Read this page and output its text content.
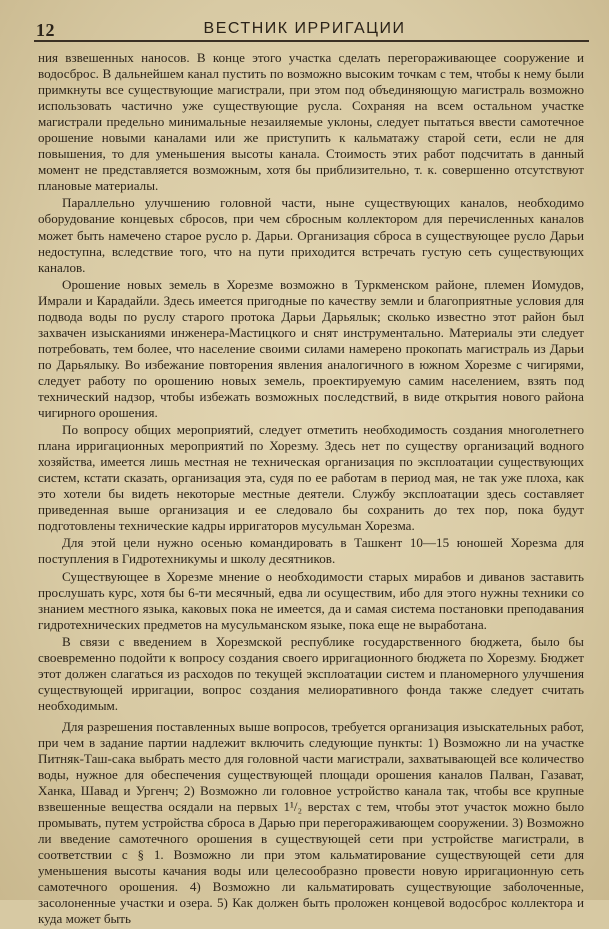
12	ВЕСТНИК ИРРИГАЦИИ

ния взвешенных наносов. В конце этого участка сделать перегораживающее сооружение и водосброс. В дальнейшем канал пустить по возможно высоким точкам с тем, чтобы к нему были примкнуты все существующие магистрали, при этом под объединяющую магистраль возможно использовать частично уже существующие русла. Сохраняя на всем остальном участке магистрали предельно минимальные незаиляемые уклоны, следует пытаться ввести самотечное орошение новыми каналами или же приступить к кальматажу старой сети, если не для повышения, то для уменьшения высоты канала. Стоимость этих работ подсчитать в данный момент не представляется возможным, хотя бы приблизительно, т. к. совершенно отсутствуют плановые материалы.

Параллельно улучшению головной части, ныне существующих каналов, необходимо оборудование концевых сбросов, при чем сбросным коллектором для перечисленных каналов может быть намечено старое русло р. Дарьи. Организация сброса в существующее русло Дарьи недоступна, вследствие того, что на пути приходится встречать густую сеть существующих каналов.

Орошение новых земель в Хорезме возможно в Туркменском районе, племен Иомудов, Имрали и Карадайли. Здесь имеется пригодные по качеству земли и благоприятные условия для подвода воды по руслу старого протока Дарьи Дарьялык; сколько известно этот район был захвачен изысканиями инженера-Мастицкого и снят инструментально. Материалы эти следует потребовать, тем более, что население своими силами намерено прокопать магистраль из Дарьи по Дарьялыку. Во избежание повторения явления аналогичного в южном Хорезме с чигирями, следует работу по орошению новых земель, проектируемую самим населением, взять под технический надзор, чтобы избежать возможных последствий, в виде открытия нового района чигирного орошения.

По вопросу общих мероприятий, следует отметить необходимость создания многолетнего плана ирригационных мероприятий по Хорезму. Здесь нет по существу организаций водного хозяйства, имеется лишь местная не техническая организация по эксплоатации существующих систем, кстати сказать, организация эта, судя по ее работам в период мая, не так уже плоха, как это хотели бы видеть некоторые местные деятели. Службу эксплоатации здесь составляет приведенная выше организация и ее следовало бы сохранить до тех пор, пока будут подготовлены технические кадры ирригаторов мусульман Хорезма.

Для этой цели нужно осенью командировать в Ташкент 10—15 юношей Хорезма для поступления в Гидротехникумы и школу десятников.

Существующее в Хорезме мнение о необходимости старых мирабов и диванов заставить прослушать курс, хотя бы 6-ти месячный, едва ли осуществим, ибо для этого нужны техники со знанием местного языка, каковых пока не имеется, да и самая система постановки преподавания гидротехнических предметов на мусульманском языке, пока еще не выработана.

В связи с введением в Хорезмской республике государственного бюджета, было бы своевременно подойти к вопросу создания своего ирригационного бюджета по Хорезму. Бюджет этот должен слагаться из расходов по текущей эксплоатации систем и планомерного улучшения существующей ирригации, вопрос создания мелиоративного фонда также следует считать необходимым.

Для разрешения поставленных выше вопросов, требуется организация изыскательных работ, при чем в задание партии надлежит включить следующие пункты: 1) Возможно ли на участке Питняк-Таш-сака выбрать место для головной части магистрали, захватывающей все количество воды, нужное для обеспечения существующей площади орошения каналов Палван, Газават, Ханка, Шавад и Ургенч; 2) Возможно ли головное устройство канала так, чтобы все крупные взвешенные вещества осядали на первых 1¹/₂ верстах с тем, чтобы этот участок можно было промывать, путем устройства сброса в Дарью при перегораживающем сооружении. 3) Возможно ли введение самотечного орошения в существующей сети при устройстве магистрали, в соответствии с § 1. Возможно ли при этом кальматирование существующей сети для уменьшения высоты качания воды или целесообразно провести новую ирригационную сеть самотечного орошения. 4) Возможно ли кальматировать существующие заболоченные, засолоненные участки и озера. 5) Как должен быть проложен концевой водосброс коллектора и куда может быть
